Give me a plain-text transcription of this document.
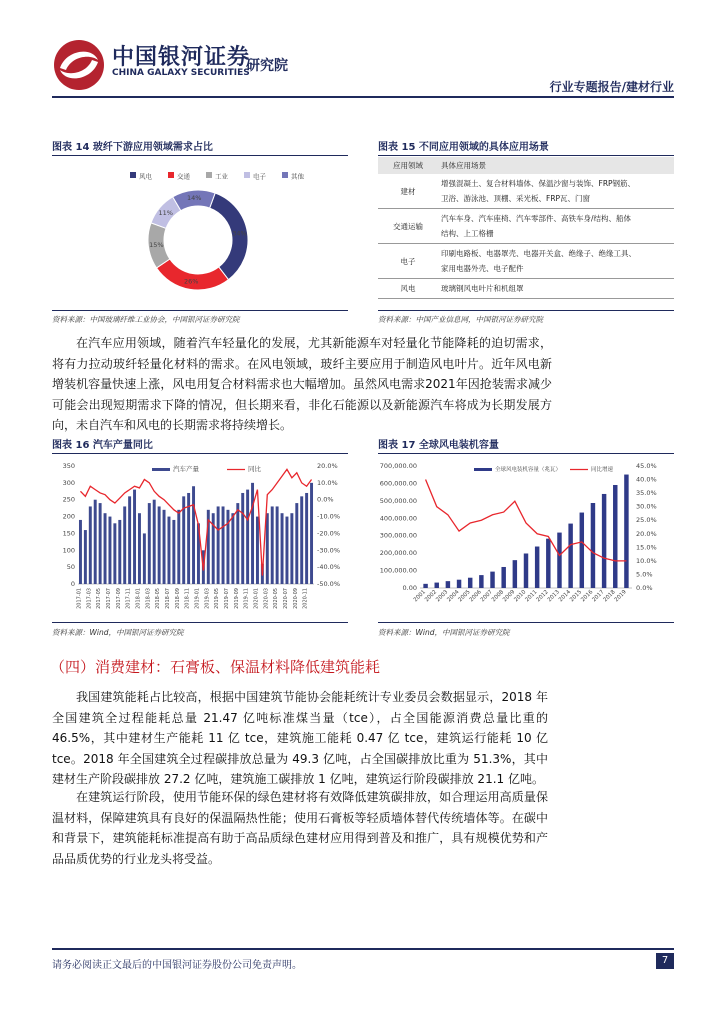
中国银河证券
CHINA GALAXY SECURITIES
研究院
行业专题报告/建材行业
图表 14 玻纤下游应用领域需求占比
风电	交通	工业	电子	其他
34%
26%
15%
11%
14%
资料来源：中国玻璃纤维工业协会，中国银河证券研究院
图表 15 不同应用领域的具体应用场景
应用领域	具体应用场景
建材	增强混凝土、复合材料墙体、保温沙窗与装饰、FRP钢筋、
卫浴、游泳池、顶棚、采光板、FRP瓦、门窗

交通运输	汽车车身、汽车座椅、汽车零部件、高铁车身/结构、船体
结构、上工格栅

电子	印刷电路板、电器罩壳、电器开关盒、绝缘子、绝缘工具、
家用电器外壳、电子配件

风电	玻璃钢风电叶片和机组罩
资料来源：中国产业信息网，中国银河证券研究院
在汽车应用领域，随着汽车轻量化的发展，尤其新能源车对轻量化节能降耗的迫切需求，将有力拉动玻纤轻量化材料的需求。在风电领域，玻纤主要应用于制造风电叶片。近年风电新增装机容量快速上涨，风电用复合材料需求也大幅增加。虽然风电需求2021年因抢装需求减少可能会出现短期需求下降的情况，但长期来看，非化石能源以及新能源汽车将成为长期发展方向，未自汽车和风电的长期需求将持续增长。
图表 16 汽车产量同比
0
50
100
150
200
250
300
350
-50.0%
-40.0%
-30.0%
-20.0%
-10.0%
0.0%
10.0%
20.0%
2017-01 2017-03 2017-05 2017-07 2017-09 2017-11 2018-01 2018-03 2018-05 2018-07 2018-09 2018-11 2019-01 2019-03 2019-05 2019-07 2019-09 2019-11 2020-01 2020-03 2020-05 2020-07 2020-09 2020-11
汽车产量	同比
资料来源：Wind，中国银河证券研究院
图表 17 全球风电装机容量
0.00
100,000.00
200,000.00
300,000.00
400,000.00
500,000.00
600,000.00
700,000.00
0.0%
5.0%
10.0%
15.0%
20.0%
25.0%
30.0%
35.0%
40.0%
45.0%
2001
2002
2003
2004
2005
2006
2007
2008
2009
2010
2011
2012
2013
2014
2015
2016
2017
2018
2019
全球风电装机容量（兆瓦）	同比增速
资料来源：Wind，中国银河证券研究院
（四）消费建材：石膏板、保温材料降低建筑能耗
我国建筑能耗占比较高，根据中国建筑节能协会能耗统计专业委员会数据显示，2018 年全国建筑全过程能耗总量 21.47 亿吨标准煤当量（tce），占全国能源消费总量比重的 46.5%，其中建材生产能耗 11 亿 tce，建筑施工能耗 0.47 亿 tce，建筑运行能耗 10 亿 tce。2018 年全国建筑全过程碳排放总量为 49.3 亿吨，占全国碳排放比重为 51.3%，其中建材生产阶段碳排放 27.2 亿吨，建筑施工碳排放 1 亿吨，建筑运行阶段碳排放 21.1 亿吨。
在建筑运行阶段，使用节能环保的绿色建材将有效降低建筑碳排放，如合理运用高质量保温材料，保障建筑具有良好的保温隔热性能；使用石膏板等轻质墙体替代传统墙体等。在碳中和背景下，建筑能耗标准提高有助于高品质绿色建材应用得到普及和推广，具有规模优势和产品品质优势的行业龙头将受益。
请务必阅读正文最后的中国银河证券股份公司免责声明。	7
